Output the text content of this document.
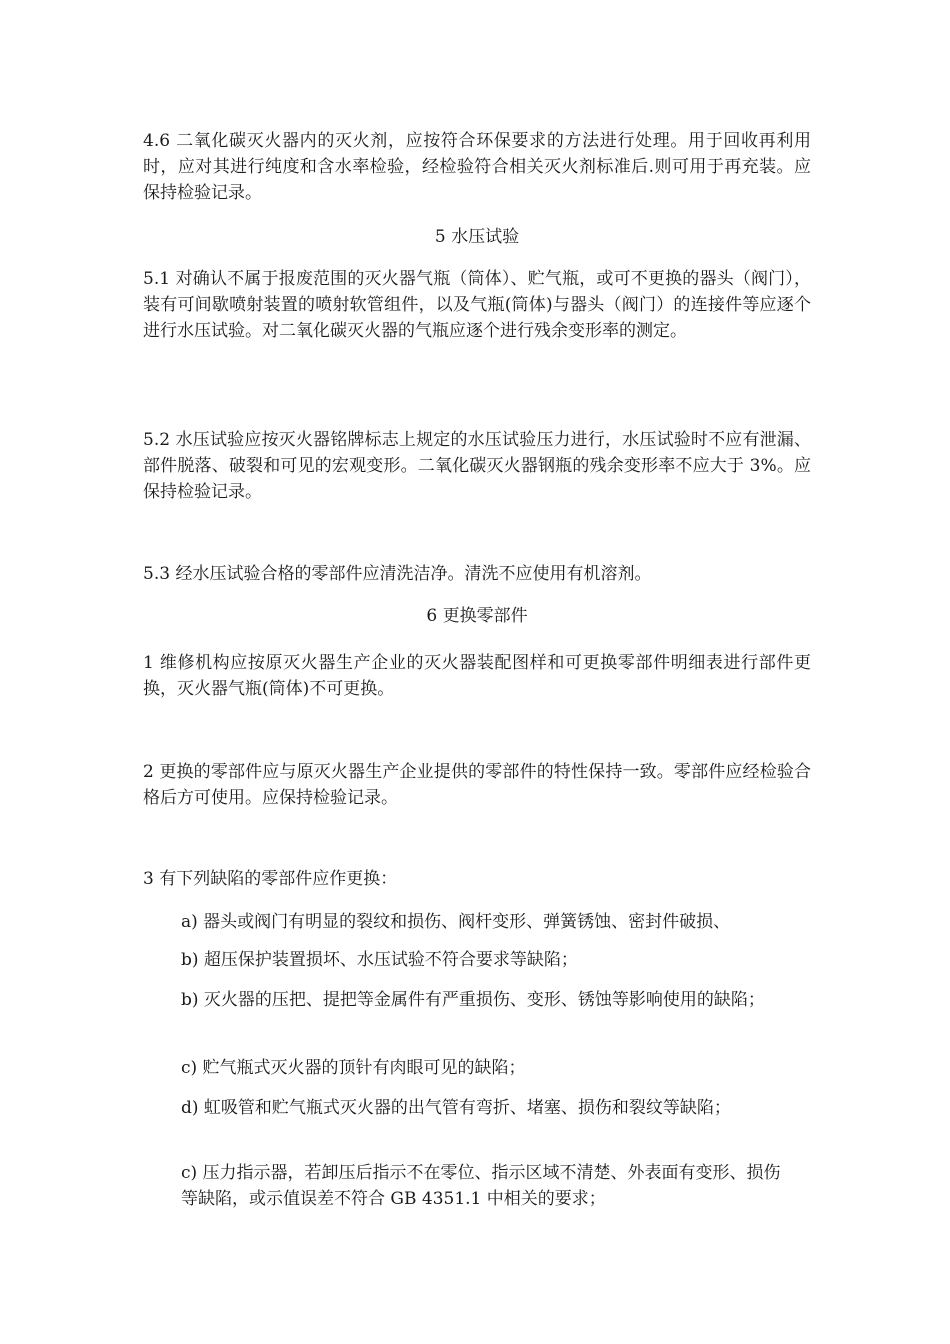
4.6 二氧化碳灭火器内的灭火剂，应按符合环保要求的方法进行处理。用于回收再利用时，应对其进行纯度和含水率检验，经检验符合相关灭火剂标准后.则可用于再充装。应保持检验记录。

5 水压试验

5.1 对确认不属于报废范围的灭火器气瓶（筒体）、贮气瓶，或可不更换的器头（阀门），装有可间歇喷射装置的喷射软管组件，以及气瓶(筒体)与器头（阀门）的连接件等应逐个进行水压试验。对二氧化碳灭火器的气瓶应逐个进行残余变形率的测定。

5.2 水压试验应按灭火器铭牌标志上规定的水压试验压力进行，水压试验时不应有泄漏、部件脱落、破裂和可见的宏观变形。二氧化碳灭火器钢瓶的残余变形率不应大于 3%。应保持检验记录。

5.3 经水压试验合格的零部件应清洗洁净。清洗不应使用有机溶剂。

6 更换零部件

1 维修机构应按原灭火器生产企业的灭火器装配图样和可更换零部件明细表进行部件更换，灭火器气瓶(筒体)不可更换。

2 更换的零部件应与原灭火器生产企业提供的零部件的特性保持一致。零部件应经检验合格后方可使用。应保持检验记录。

3 有下列缺陷的零部件应作更换：

a) 器头或阀门有明显的裂纹和损伤、阀杆变形、弹簧锈蚀、密封件破损、

b) 超压保护装置损坏、水压试验不符合要求等缺陷；

b) 灭火器的压把、提把等金属件有严重损伤、变形、锈蚀等影响使用的缺陷；

c) 贮气瓶式灭火器的顶针有肉眼可见的缺陷；

d) 虹吸管和贮气瓶式灭火器的出气管有弯折、堵塞、损伤和裂纹等缺陷；

c) 压力指示器，若卸压后指示不在零位、指示区域不清楚、外表面有变形、损伤等缺陷，或示值误差不符合 GB 4351.1 中相关的要求；
